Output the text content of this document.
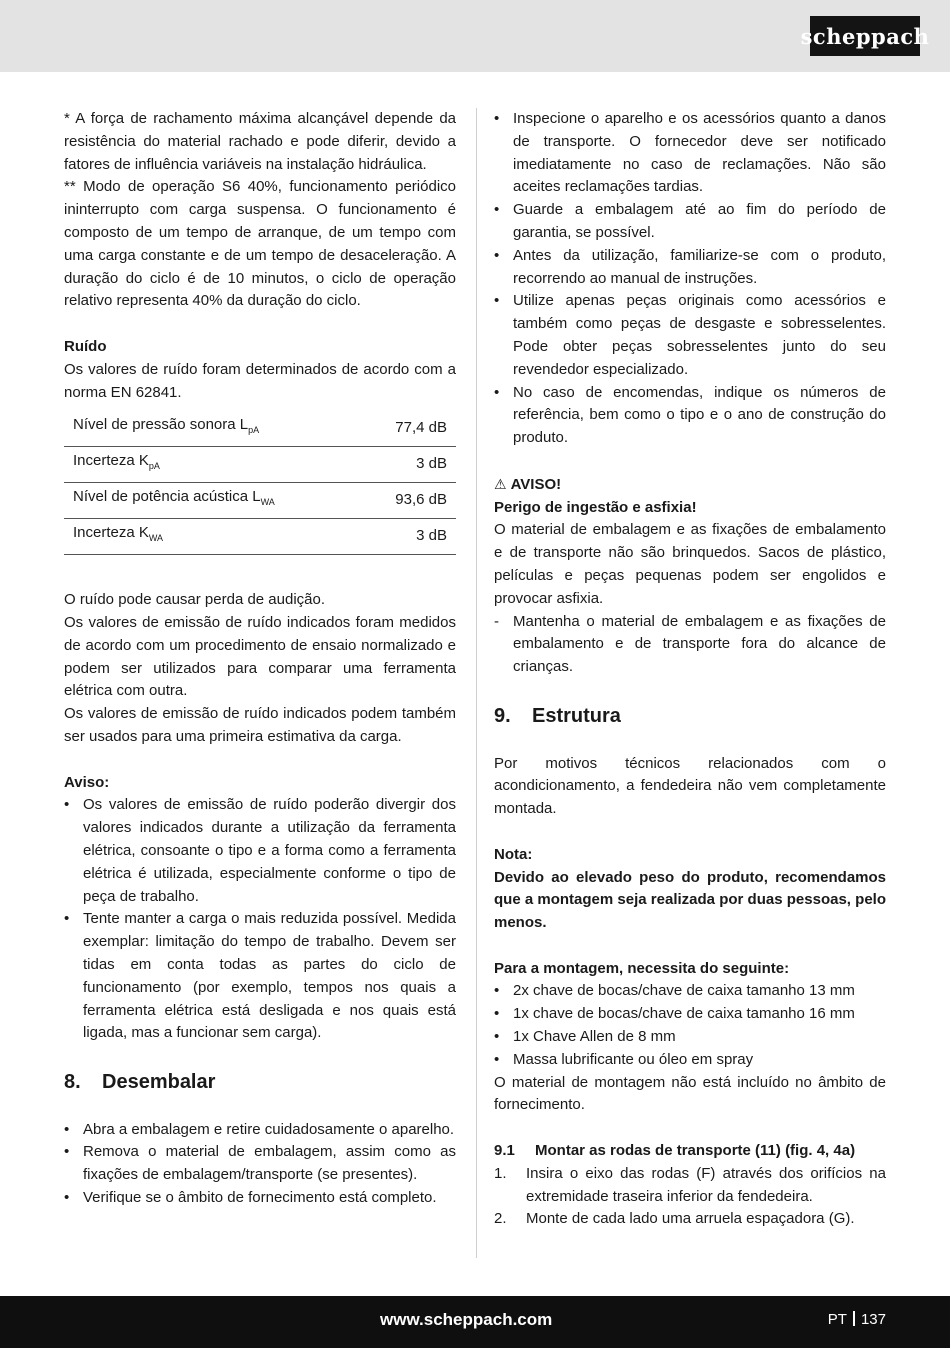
scheppach

* A força de rachamento máxima alcançável depende da resistência do material rachado e pode diferir, devido a fatores de influência variáveis na instalação hidráulica.

** Modo de operação S6 40%, funcionamento periódico ininterrupto com carga suspensa. O funcionamento é composto de um tempo de arranque, de um tempo com uma carga constante e de um tempo de desaceleração. A duração do ciclo é de 10 minutos, o ciclo de operação relativo representa 40% da duração do ciclo.

Ruído

Os valores de ruído foram determinados de acordo com a norma EN 62841.

Nível de pressão sonora $L_{pA}$	77,4 dB
Incerteza $K_{pA}$	3 dB
Nível de potência acústica $L_{WA}$	93,6 dB
Incerteza $K_{WA}$	3 dB

O ruído pode causar perda de audição.

Os valores de emissão de ruído indicados foram medidos de acordo com um procedimento de ensaio normalizado e podem ser utilizados para comparar uma ferramenta elétrica com outra.

Os valores de emissão de ruído indicados podem também ser usados para uma primeira estimativa da carga.

Aviso:

• Os valores de emissão de ruído poderão divergir dos valores indicados durante a utilização da ferramenta elétrica, consoante o tipo e a forma como a ferramenta elétrica é utilizada, especialmente conforme o tipo de peça de trabalho.
• Tente manter a carga o mais reduzida possível. Medida exemplar: limitação do tempo de trabalho. Devem ser tidas em conta todas as partes do ciclo de funcionamento (por exemplo, tempos nos quais a ferramenta elétrica está desligada e nos quais está ligada, mas a funcionar sem carga).
8. Desembalar
• Abra a embalagem e retire cuidadosamente o aparelho.
• Remova o material de embalagem, assim como as fixações de embalagem/transporte (se presentes).
• Verifique se o âmbito de fornecimento está completo.
• Inspecione o aparelho e os acessórios quanto a danos de transporte. O fornecedor deve ser notificado imediatamente no caso de reclamações. Não são aceites reclamações tardias.
• Guarde a embalagem até ao fim do período de garantia, se possível.
• Antes da utilização, familiarize-se com o produto, recorrendo ao manual de instruções.
• Utilize apenas peças originais como acessórios e também como peças de desgaste e sobresselentes. Pode obter peças sobresselentes junto do seu revendedor especializado.
• No caso de encomendas, indique os números de referência, bem como o tipo e o ano de construção do produto.

⚠ AVISO!

Perigo de ingestão e asfixia!

O material de embalagem e as fixações de embalamento e de transporte não são brinquedos. Sacos de plástico, películas e peças pequenas podem ser engolidos e provocar asfixia.

- Mantenha o material de embalagem e as fixações de embalamento e de transporte fora do alcance de crianças.
9. Estrutura

Por motivos técnicos relacionados com o acondicionamento, a fendedeira não vem completamente montada.

Nota:

Devido ao elevado peso do produto, recomendamos que a montagem seja realizada por duas pessoas, pelo menos.

Para a montagem, necessita do seguinte:

• 2x chave de bocas/chave de caixa tamanho 13 mm
• 1x chave de bocas/chave de caixa tamanho 16 mm
• 1x Chave Allen de 8 mm
• Massa lubrificante ou óleo em spray

O material de montagem não está incluído no âmbito de fornecimento.

9.1 Montar as rodas de transporte (11) (fig. 4, 4a)

1. Insira o eixo das rodas (F) através dos orifícios na extremidade traseira inferior da fendedeira.
2. Monte de cada lado uma arruela espaçadora (G).
www.scheppach.com	PT 137
